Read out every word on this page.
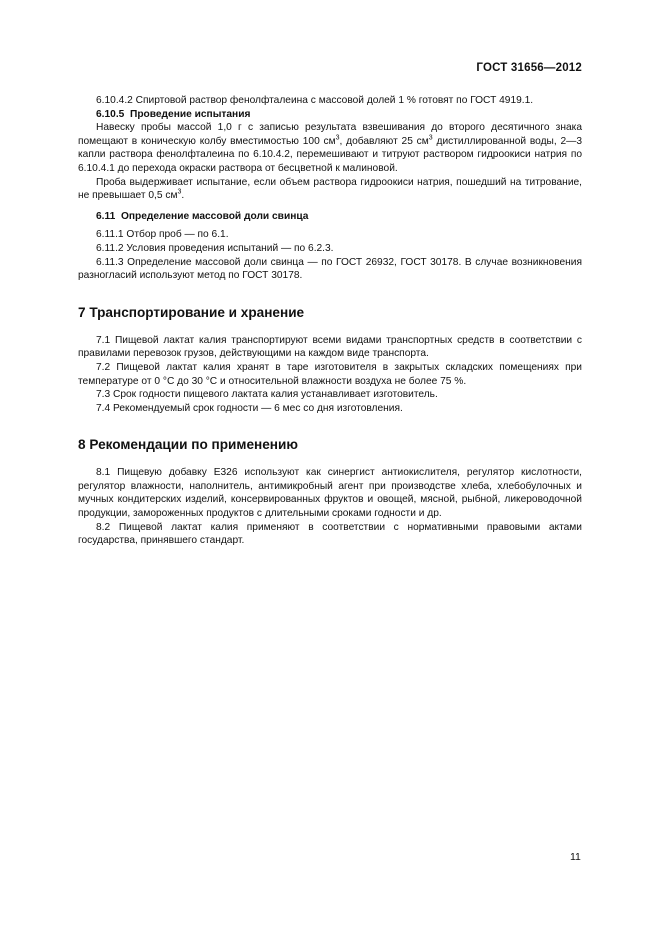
ГОСТ 31656—2012

6.10.4.2 Спиртовой раствор фенолфталеина с массовой долей 1 % готовят по ГОСТ 4919.1.

6.10.5 Проведение испытания

Навеску пробы массой 1,0 г с записью результата взвешивания до второго десятичного знака помещают в коническую колбу вместимостью 100 $см^3$, добавляют 25 $см^3$ дистиллированной воды, 2—3 капли раствора фенолфталеина по 6.10.4.2, перемешивают и титруют раствором гидроокиси натрия по 6.10.4.1 до перехода окраски раствора от бесцветной к малиновой.

Проба выдерживает испытание, если объем раствора гидроокиси натрия, пошедший на титрование, не превышает 0,5 $см^3$.

6.11 Определение массовой доли свинца

6.11.1 Отбор проб — по 6.1.

6.11.2 Условия проведения испытаний — по 6.2.3.

6.11.3 Определение массовой доли свинца — по ГОСТ 26932, ГОСТ 30178. В случае возникновения разногласий используют метод по ГОСТ 30178.

7 Транспортирование и хранение

7.1 Пищевой лактат калия транспортируют всеми видами транспортных средств в соответствии с правилами перевозок грузов, действующими на каждом виде транспорта.

7.2 Пищевой лактат калия хранят в таре изготовителя в закрытых складских помещениях при температуре от 0 °С до 30 °С и относительной влажности воздуха не более 75 %.

7.3 Срок годности пищевого лактата калия устанавливает изготовитель.

7.4 Рекомендуемый срок годности — 6 мес со дня изготовления.

8 Рекомендации по применению

8.1 Пищевую добавку Е326 используют как синергист антиокислителя, регулятор кислотности, регулятор влажности, наполнитель, антимикробный агент при производстве хлеба, хлебобулочных и мучных кондитерских изделий, консервированных фруктов и овощей, мясной, рыбной, ликероводочной продукции, замороженных продуктов с длительными сроками годности и др.

8.2 Пищевой лактат калия применяют в соответствии с нормативными правовыми актами государства, принявшего стандарт.

11
